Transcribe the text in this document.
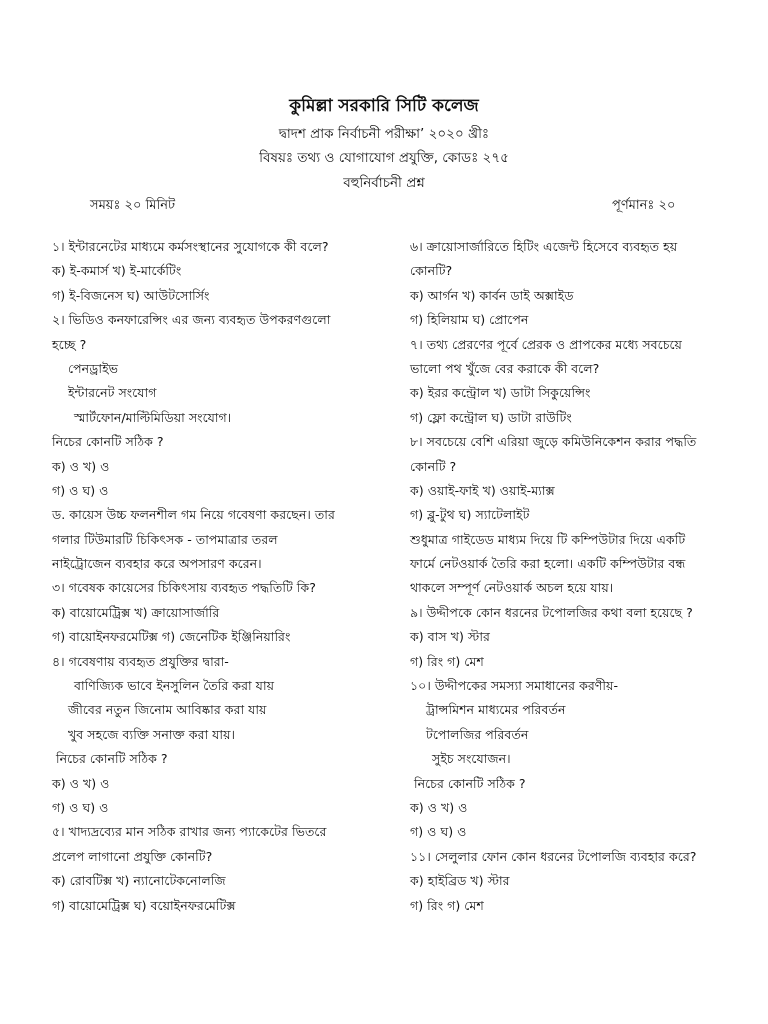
কুমিল্লা সরকারি সিটি কলেজ
দ্বাদশ প্রাক নির্বাচনী পরীক্ষা’ ২০২০ খ্রীঃ
বিষয়ঃ তথ্য ও যোগাযোগ প্রযুক্তি, কোডঃ ২৭৫
বহুনির্বাচনী প্রশ্ন
সময়ঃ ২০ মিনিট	পূর্ণমানঃ ২০
১। ইন্টারনেটের মাধ্যমে কর্মসংস্থানের সুযোগকে কী বলে?
ক) ই-কমার্স খ) ই-মার্কেটিং
গ) ই-বিজনেস ঘ) আউটসোর্সিং
২। ভিডিও কনফারেন্সিং এর জন্য ব্যবহৃত উপকরণগুলো
হচ্ছে ?
পেনড্রাইভ
ইন্টারনেট সংযোগ
স্মার্টফোন/মাল্টিমিডিয়া সংযোগ।
নিচের কোনটি সঠিক ?
ক) ও খ) ও
গ) ও ঘ) ও
ড. কায়েস উচ্চ ফলনশীল গম নিয়ে গবেষণা করছেন। তার
গলার টিউমারটি চিকিৎসক - তাপমাত্রার তরল
নাইট্রোজেন ব্যবহার করে অপসারণ করেন।
৩। গবেষক কায়েসের চিকিৎসায় ব্যবহৃত পদ্ধতিটি কি?
ক) বায়োমেট্রিক্স খ) ক্রায়োসার্জারি
গ) বায়োইনফরমেটিক্স গ) জেনেটিক ইঞ্জিনিয়ারিং
৪। গবেষণায় ব্যবহৃত প্রযুক্তির দ্বারা-
বাণিজ্যিক ভাবে ইনসুলিন তৈরি করা যায়
জীবের নতুন জিনোম আবিষ্কার করা যায়
খুব সহজে ব্যক্তি সনাক্ত করা যায়।
নিচের কোনটি সঠিক ?
ক) ও খ) ও
গ) ও ঘ) ও
৫। খাদ্যদ্রব্যের মান সঠিক রাখার জন্য প্যাকেটের ভিতরে
প্রলেপ লাগানো প্রযুক্তি কোনটি?
ক) রোবটিক্স খ) ন্যানোটেকনোলজি
গ) বায়োমেট্রিক্স ঘ) বয়োইনফরমেটিক্স
৬। ক্রায়োসার্জারিতে হিটিং এজেন্ট হিসেবে ব্যবহৃত হয়
কোনটি?
ক) আর্গন খ) কার্বন ডাই অক্সাইড
গ) হিলিয়াম ঘ) প্রোপেন
৭। তথ্য প্রেরণের পূর্বে প্রেরক ও প্রাপকের মধ্যে সবচেয়ে
ভালো পথ খুঁজে বের করাকে কী বলে?
ক) ইরর কন্ট্রোল খ) ডাটা সিকুয়েন্সিং
গ) ফ্লো কন্ট্রোল ঘ) ডাটা রাউটিং
৮। সবচেয়ে বেশি এরিয়া জুড়ে কমিউনিকেশন করার পদ্ধতি
কোনটি ?
ক) ওয়াই-ফাই খ) ওয়াই-ম্যাক্স
গ) ব্লু-টুথ ঘ) স্যাটেলাইট
শুধুমাত্র গাইডেড মাধ্যম দিয়ে টি কম্পিউটার দিয়ে একটি
ফার্মে নেটওয়ার্ক তৈরি করা হলো। একটি কম্পিউটার বন্ধ
থাকলে সম্পূর্ণ নেটওয়ার্ক অচল হয়ে যায়।
৯। উদ্দীপকে কোন ধরনের টপোলজির কথা বলা হয়েছে ?
ক) বাস খ) স্টার
গ) রিং গ) মেশ
১০। উদ্দীপকের সমস্যা সমাধানের করণীয়-
ট্রান্সমিশন মাধ্যমের পরিবর্তন
টপোলজির পরিবর্তন
সুইচ সংযোজন।
নিচের কোনটি সঠিক ?
ক) ও খ) ও
গ) ও ঘ) ও
১১। সেলুলার ফোন কোন ধরনের টপোলজি ব্যবহার করে?
ক) হাইব্রিড খ) স্টার
গ) রিং গ) মেশ
